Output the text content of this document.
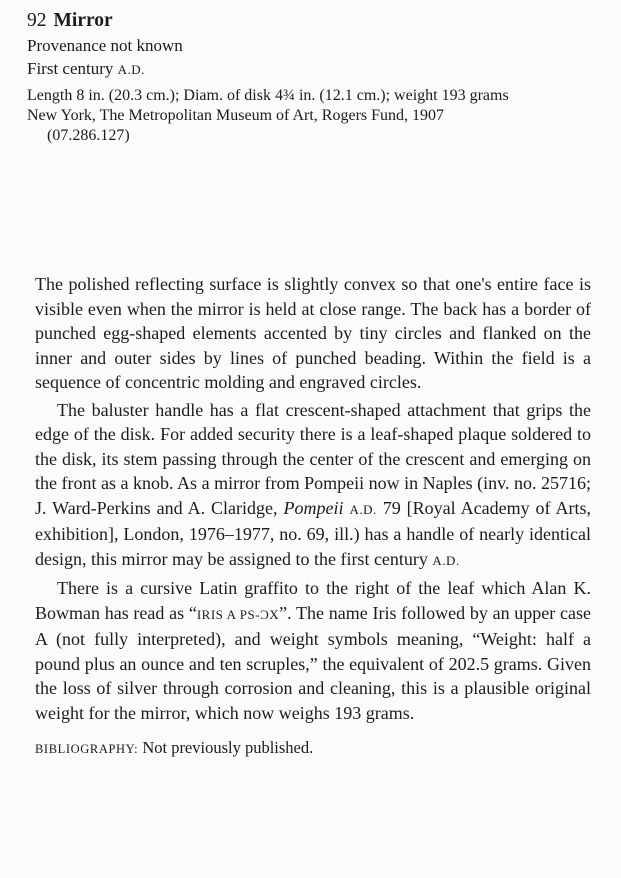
92 Mirror

Provenance not known

First century A.D.

Length 8 in. (20.3 cm.); Diam. of disk 4¾ in. (12.1 cm.); weight 193 grams
New York, The Metropolitan Museum of Art, Rogers Fund, 1907
(07.286.127)

The polished reflecting surface is slightly convex so that one's entire face is visible even when the mirror is held at close range. The back has a border of punched egg-shaped elements accented by tiny circles and flanked on the inner and outer sides by lines of punched beading. Within the field is a sequence of concentric molding and engraved circles.

The baluster handle has a flat crescent-shaped attachment that grips the edge of the disk. For added security there is a leaf-shaped plaque soldered to the disk, its stem passing through the center of the crescent and emerging on the front as a knob. As a mirror from Pompeii now in Naples (inv. no. 25716; J. Ward-Perkins and A. Claridge, Pompeii A.D. 79 [Royal Academy of Arts, exhibition], London, 1976–1977, no. 69, ill.) has a handle of nearly identical design, this mirror may be assigned to the first century A.D.

There is a cursive Latin graffito to the right of the leaf which Alan K. Bowman has read as “IRIS A PS-ƆX”. The name Iris followed by an upper case A (not fully interpreted), and weight symbols meaning, “Weight: half a pound plus an ounce and ten scruples,” the equivalent of 202.5 grams. Given the loss of silver through corrosion and cleaning, this is a plausible original weight for the mirror, which now weighs 193 grams.

BIBLIOGRAPHY: Not previously published.
